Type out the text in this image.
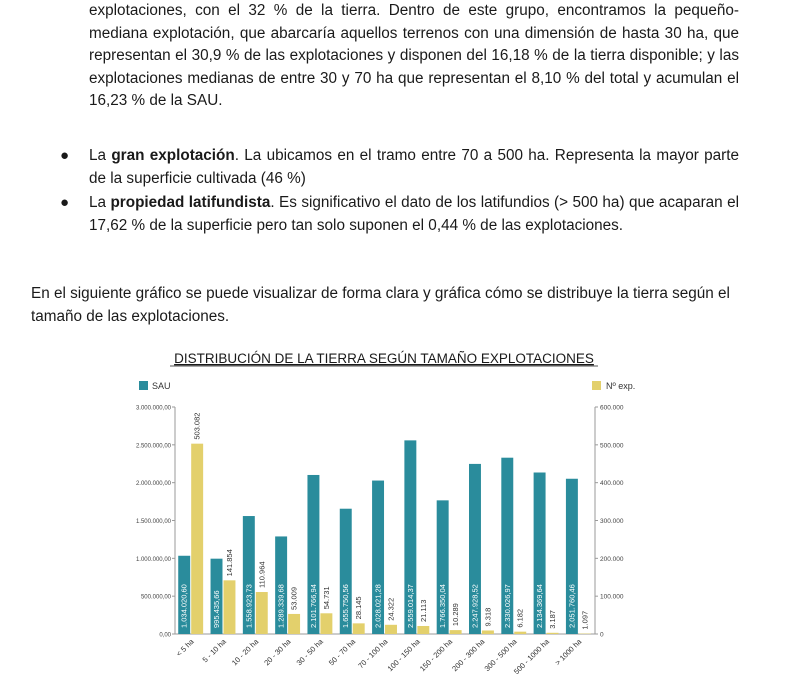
explotaciones, con el 32 % de la tierra. Dentro de este grupo, encontramos la pequeño-mediana explotación, que abarcaría aquellos terrenos con una dimensión de hasta 30 ha, que representan el 30,9 % de las explotaciones y disponen del 16,18 % de la tierra disponible; y las explotaciones medianas de entre 30 y 70 ha que representan el 8,10 % del total y acumulan el 16,23 % de la SAU.

● La gran explotación. La ubicamos en el tramo entre 70 a 500 ha. Representa la mayor parte de la superficie cultivada (46 %)
● La propiedad latifundista. Es significativo el dato de los latifundios (> 500 ha) que acaparan el 17,62 % de la superficie pero tan solo suponen el 0,44 % de las explotaciones.

En el siguiente gráfico se puede visualizar de forma clara y gráfica cómo se distribuye la tierra según el tamaño de las explotaciones.

DISTRIBUCIÓN DE LA TIERRA SEGÚN TAMAÑO EXPLOTACIONES
SAU	Nº exp.
0,00
500.000,00
1.000.000,00
1.500.000,00
2.000.000,00
2.500.000,00
3.000.000,00
0
100.000
200.000
300.000
400.000
500.000
600.000
1.034.020,60
503.082
995.435,66
141.854
1.558.923,73
110.964
1.289.339,68 53.009 2.101.766,94 54.731 1.655.750,56 28.145 2.028.021,28 24.322 2.559.014,37 21.113 1.766.350,04 10.289 2.247.928,52 9.318 2.330.026,97 6.182 2.134.369,64 3.187 2.051.760,46 1.097
< 5 ha 5 - 10 ha 10 - 20 ha 20 - 30 ha 30 - 50 ha 50 - 70 ha 70 - 100 ha
100 - 150 ha
150 - 200 ha
200 - 300 ha
300 - 500 ha
500 - 1000 ha > 1000 ha
